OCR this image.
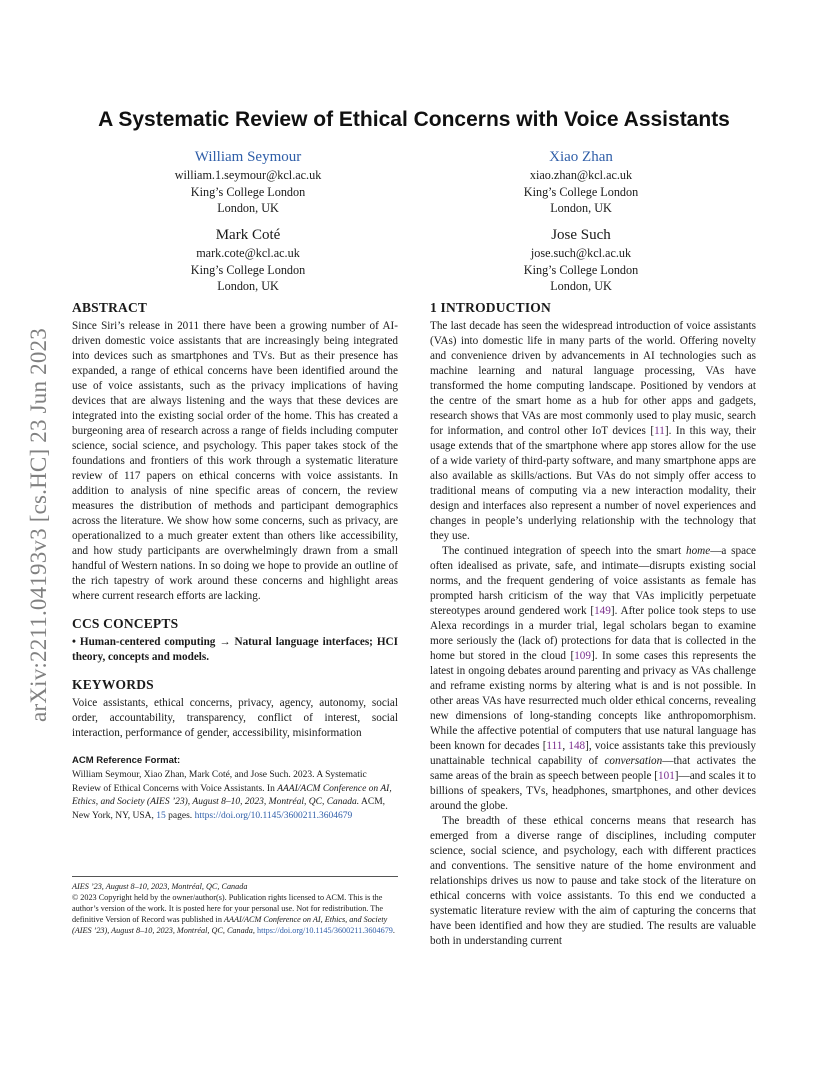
arXiv:2211.04193v3 [cs.HC] 23 Jun 2023
A Systematic Review of Ethical Concerns with Voice Assistants
William Seymour
william.1.seymour@kcl.ac.uk
King’s College London
London, UK
Xiao Zhan
xiao.zhan@kcl.ac.uk
King’s College London
London, UK
Mark Coté
mark.cote@kcl.ac.uk
King’s College London
London, UK
Jose Such
jose.such@kcl.ac.uk
King’s College London
London, UK
ABSTRACT

Since Siri’s release in 2011 there have been a growing number of AI-driven domestic voice assistants that are increasingly being integrated into devices such as smartphones and TVs. But as their presence has expanded, a range of ethical concerns have been identified around the use of voice assistants, such as the privacy implications of having devices that are always listening and the ways that these devices are integrated into the existing social order of the home. This has created a burgeoning area of research across a range of fields including computer science, social science, and psychology. This paper takes stock of the foundations and frontiers of this work through a systematic literature review of 117 papers on ethical concerns with voice assistants. In addition to analysis of nine specific areas of concern, the review measures the distribution of methods and participant demographics across the literature. We show how some concerns, such as privacy, are operationalized to a much greater extent than others like accessibility, and how study participants are overwhelmingly drawn from a small handful of Western nations. In so doing we hope to provide an outline of the rich tapestry of work around these concerns and highlight areas where current research efforts are lacking.

CCS CONCEPTS

• Human-centered computing → Natural language interfaces; HCI theory, concepts and models.

KEYWORDS

Voice assistants, ethical concerns, privacy, agency, autonomy, social order, accountability, transparency, conflict of interest, social interaction, performance of gender, accessibility, misinformation

ACM Reference Format:

William Seymour, Xiao Zhan, Mark Coté, and Jose Such. 2023. A Systematic Review of Ethical Concerns with Voice Assistants. In AAAI/ACM Conference on AI, Ethics, and Society (AIES ’23), August 8–10, 2023, Montréal, QC, Canada. ACM, New York, NY, USA, 15 pages. https://doi.org/10.1145/3600211.3604679

AIES ’23, August 8–10, 2023, Montréal, QC, Canada
© 2023 Copyright held by the owner/author(s). Publication rights licensed to ACM. This is the author’s version of the work. It is posted here for your personal use. Not for redistribution. The definitive Version of Record was published in AAAI/ACM Conference on AI, Ethics, and Society (AIES ’23), August 8–10, 2023, Montréal, QC, Canada, https://doi.org/10.1145/3600211.3604679.
1 INTRODUCTION

The last decade has seen the widespread introduction of voice assistants (VAs) into domestic life in many parts of the world. Offering novelty and convenience driven by advancements in AI technologies such as machine learning and natural language processing, VAs have transformed the home computing landscape. Positioned by vendors at the centre of the smart home as a hub for other apps and gadgets, research shows that VAs are most commonly used to play music, search for information, and control other IoT devices [11]. In this way, their usage extends that of the smartphone where app stores allow for the use of a wide variety of third-party software, and many smartphone apps are also available as skills/actions. But VAs do not simply offer access to traditional means of computing via a new interaction modality, their design and interfaces also represent a number of novel experiences and changes in people’s underlying relationship with the technology that they use.

The continued integration of speech into the smart home—a space often idealised as private, safe, and intimate—disrupts existing social norms, and the frequent gendering of voice assistants as female has prompted harsh criticism of the way that VAs implicitly perpetuate stereotypes around gendered work [149]. After police took steps to use Alexa recordings in a murder trial, legal scholars began to examine more seriously the (lack of) protections for data that is collected in the home but stored in the cloud [109]. In some cases this represents the latest in ongoing debates around parenting and privacy as VAs challenge and reframe existing norms by altering what is and is not possible. In other areas VAs have resurrected much older ethical concerns, revealing new dimensions of long-standing concepts like anthropomorphism. While the affective potential of computers that use natural language has been known for decades [111, 148], voice assistants take this previously unattainable technical capability of conversation—that activates the same areas of the brain as speech between people [101]—and scales it to billions of speakers, TVs, headphones, smartphones, and other devices around the globe.

The breadth of these ethical concerns means that research has emerged from a diverse range of disciplines, including computer science, social science, and psychology, each with different practices and conventions. The sensitive nature of the home environment and relationships drives us now to pause and take stock of the literature on ethical concerns with voice assistants. To this end we conducted a systematic literature review with the aim of capturing the concerns that have been identified and how they are studied. The results are valuable both in understanding current
